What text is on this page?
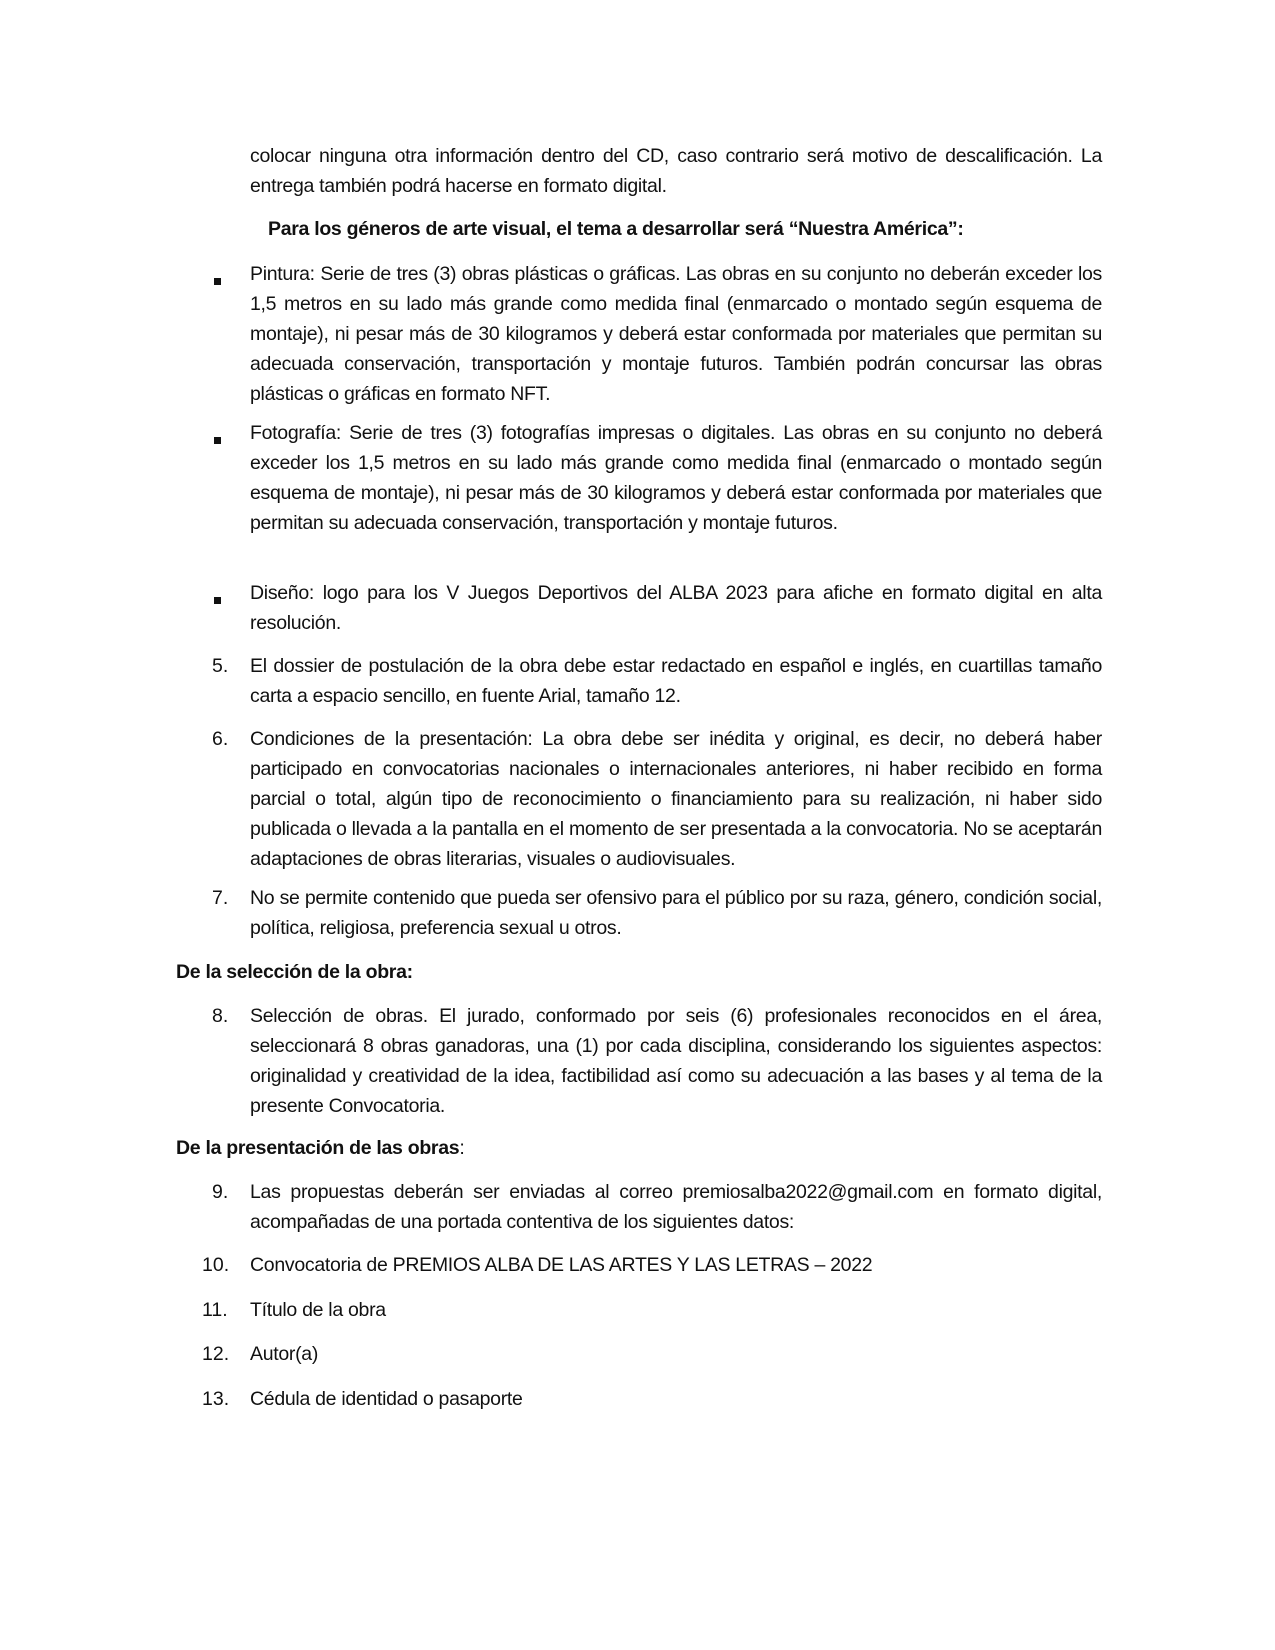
colocar ninguna otra información dentro del CD, caso contrario será motivo de descalificación. La entrega también podrá hacerse en formato digital.
Para los géneros de arte visual, el tema a desarrollar será “Nuestra América”:
Pintura: Serie de tres (3) obras plásticas o gráficas. Las obras en su conjunto no deberán exceder los 1,5 metros en su lado más grande como medida final (enmarcado o montado según esquema de montaje), ni pesar más de 30 kilogramos y deberá estar conformada por materiales que permitan su adecuada conservación, transportación y montaje futuros. También podrán concursar las obras plásticas o gráficas en formato NFT.
Fotografía: Serie de tres (3) fotografías impresas o digitales. Las obras en su conjunto no deberá exceder los 1,5 metros en su lado más grande como medida final (enmarcado o montado según esquema de montaje), ni pesar más de 30 kilogramos y deberá estar conformada por materiales que permitan su adecuada conservación, transportación y montaje futuros.
Diseño: logo para los V Juegos Deportivos del ALBA 2023 para afiche en formato digital en alta resolución.
5. El dossier de postulación de la obra debe estar redactado en español e inglés, en cuartillas tamaño carta a espacio sencillo, en fuente Arial, tamaño 12.
6. Condiciones de la presentación: La obra debe ser inédita y original, es decir, no deberá haber participado en convocatorias nacionales o internacionales anteriores, ni haber recibido en forma parcial o total, algún tipo de reconocimiento o financiamiento para su realización, ni haber sido publicada o llevada a la pantalla en el momento de ser presentada a la convocatoria. No se aceptarán adaptaciones de obras literarias, visuales o audiovisuales.
7. No se permite contenido que pueda ser ofensivo para el público por su raza, género, condición social, política, religiosa, preferencia sexual u otros.
De la selección de la obra:
8. Selección de obras. El jurado, conformado por seis (6) profesionales reconocidos en el área, seleccionará 8 obras ganadoras, una (1) por cada disciplina, considerando los siguientes aspectos: originalidad y creatividad de la idea, factibilidad así como su adecuación a las bases y al tema de la presente Convocatoria.
De la presentación de las obras:
9. Las propuestas deberán ser enviadas al correo premiosalba2022@gmail.com en formato digital, acompañadas de una portada contentiva de los siguientes datos:
10. Convocatoria de PREMIOS ALBA DE LAS ARTES Y LAS LETRAS – 2022
11. Título de la obra
12. Autor(a)
13. Cédula de identidad o pasaporte
